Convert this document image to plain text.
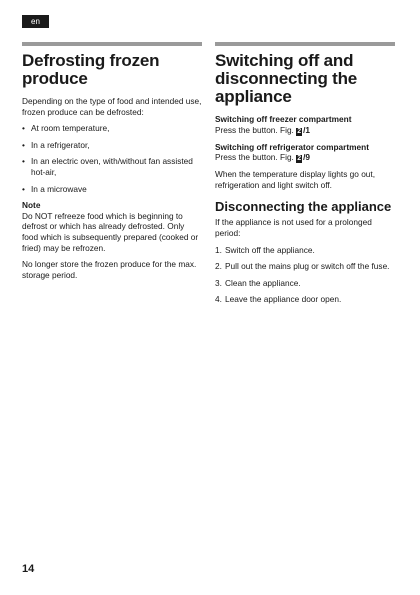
en
Defrosting frozen produce

Depending on the type of food and intended use, frozen produce can be defrosted:

• At room temperature,
• In a refrigerator,
• In an electric oven, with/without fan assisted hot-air,
• In a microwave

Note

Do NOT refreeze food which is beginning to defrost or which has already defrosted. Only food which is subsequently prepared (cooked or fried) may be refrozen.

No longer store the frozen produce for the max. storage period.

Switching off and disconnecting the appliance

Switching off freezer compartment
Press the button. Fig. 2 /1

Switching off refrigerator compartment
Press the button. Fig. 2 /9

When the temperature display lights go out, refrigeration and light switch off.

Disconnecting the appliance

If the appliance is not used for a prolonged period:

1. Switch off the appliance.
2. Pull out the mains plug or switch off the fuse.
3. Clean the appliance.
4. Leave the appliance door open.
14
